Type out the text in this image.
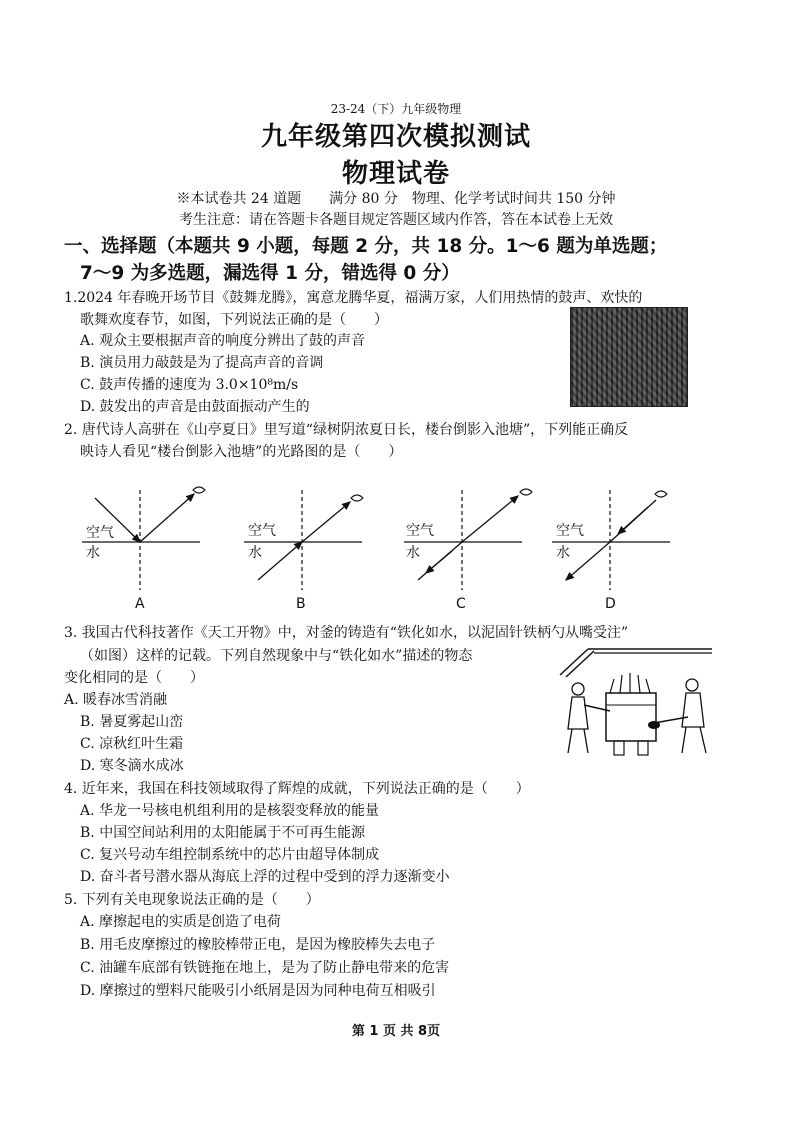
23-24（下）九年级物理
九年级第四次模拟测试
物理试卷
※本试卷共 24 道题　　满分 80 分　物理、化学考试时间共 150 分钟
考生注意：请在答题卡各题目规定答题区域内作答，答在本试卷上无效
一、选择题（本题共 9 小题，每题 2 分，共 18 分。1～6 题为单选题；
7～9 为多选题，漏选得 1 分，错选得 0 分）
1.2024 年春晚开场节目《鼓舞龙腾》，寓意龙腾华夏，福满万家，人们用热情的鼓声、欢快的
歌舞欢度春节，如图，下列说法正确的是（　　）
A. 观众主要根据声音的响度分辨出了鼓的声音
B. 演员用力敲鼓是为了提高声音的音调
C. 鼓声传播的速度为 3.0×10⁸m/s
D. 鼓发出的声音是由鼓面振动产生的
2. 唐代诗人高骈在《山亭夏日》里写道“绿树阴浓夏日长，楼台倒影入池塘”，下列能正确反
映诗人看见“楼台倒影入池塘”的光路图的是（　　）
空气
水
空气
水
空气
水
空气
水
A	B	C	D
3. 我国古代科技著作《天工开物》中，对釜的铸造有“铁化如水，以泥固针铁柄勺从嘴受注”
（如图）这样的记载。下列自然现象中与“铁化如水”描述的物态
变化相同的是（　　）
A. 暖春冰雪消融
B. 暑夏雾起山峦
C. 凉秋红叶生霜
D. 寒冬滴水成冰
4. 近年来，我国在科技领域取得了辉煌的成就，下列说法正确的是（　　）
A. 华龙一号核电机组利用的是核裂变释放的能量
B. 中国空间站利用的太阳能属于不可再生能源
C. 复兴号动车组控制系统中的芯片由超导体制成
D. 奋斗者号潜水器从海底上浮的过程中受到的浮力逐渐变小
5. 下列有关电现象说法正确的是（　　）
A. 摩擦起电的实质是创造了电荷
B. 用毛皮摩擦过的橡胶棒带正电，是因为橡胶棒失去电子
C. 油罐车底部有铁链拖在地上，是为了防止静电带来的危害
D. 摩擦过的塑料尺能吸引小纸屑是因为同种电荷互相吸引
第 1 页 共 8页
